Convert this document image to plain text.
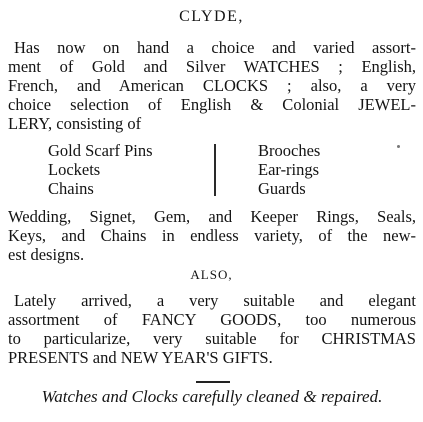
CLYDE,
Has now on hand a choice and varied assort-
ment of Gold and Silver WATCHES ; English,
French, and American CLOCKS ; also, a very
choice selection of English & Colonial JEWEL-
LERY, consisting of
Gold Scarf Pins
Lockets
Chains
Brooches
Ear-rings
Guards
Wedding, Signet, Gem, and Keeper Rings, Seals,
Keys, and Chains in endless variety, of the new-
est designs.
ALSO,
Lately arrived, a very suitable and elegant
assortment of FANCY GOODS, too numerous
to particularize, very suitable for CHRISTMAS
PRESENTS and NEW YEAR'S GIFTS.
Watches and Clocks carefully cleaned & repaired.
